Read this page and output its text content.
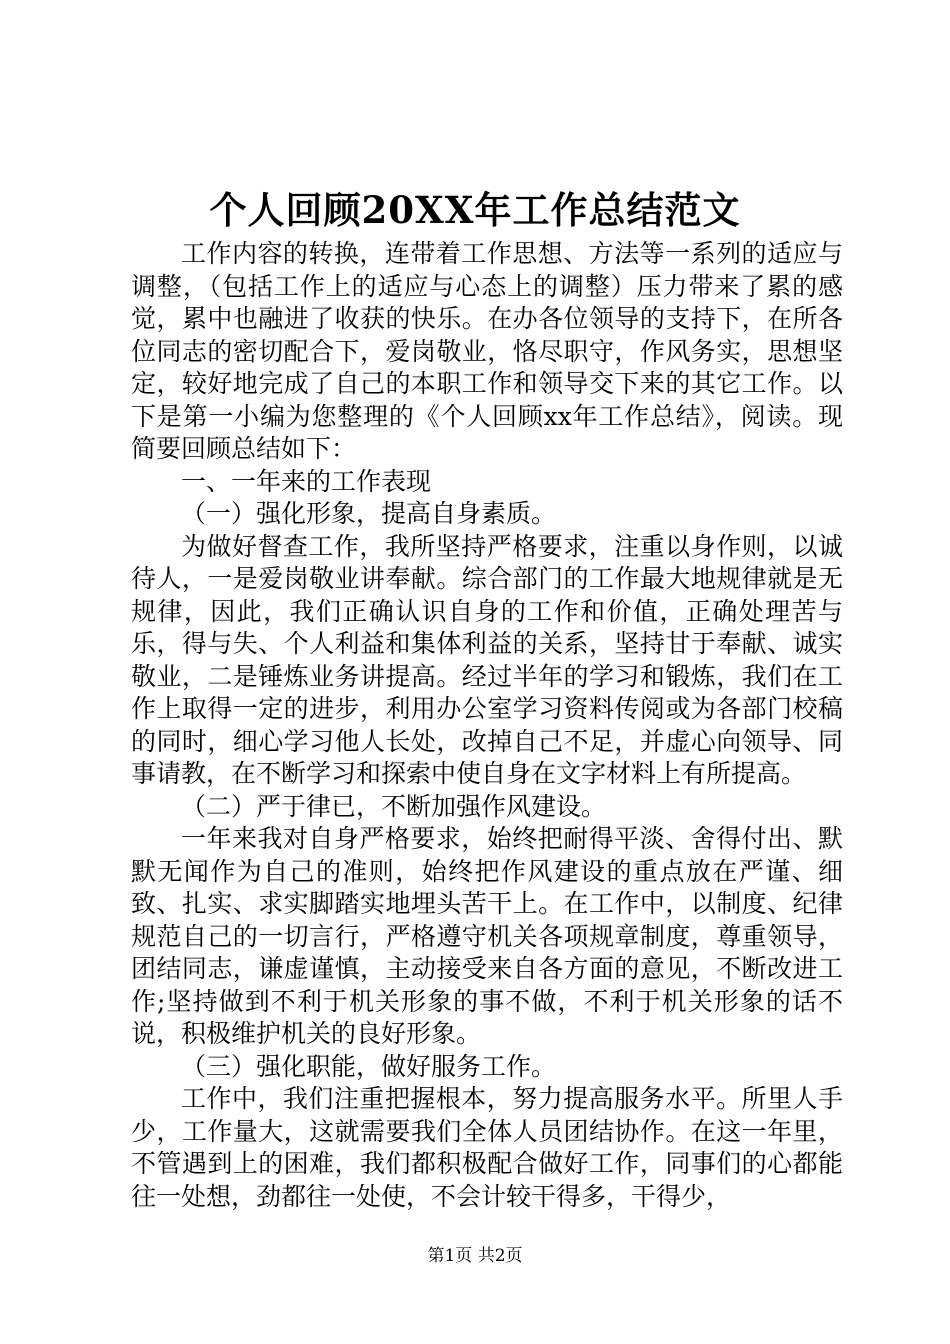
个人回顾20XX年工作总结范文

工作内容的转换，连带着工作思想、方法等一系列的适应与调整，（包括工作上的适应与心态上的调整）压力带来了累的感觉，累中也融进了收获的快乐。在办各位领导的支持下，在所各位同志的密切配合下，爱岗敬业，恪尽职守，作风务实，思想坚定，较好地完成了自己的本职工作和领导交下来的其它工作。以下是第一小编为您整理的《个人回顾xx年工作总结》，阅读。现简要回顾总结如下：

一、一年来的工作表现

（一）强化形象，提高自身素质。

为做好督查工作，我所坚持严格要求，注重以身作则，以诚待人，一是爱岗敬业讲奉献。综合部门的工作最大地规律就是无规律，因此，我们正确认识自身的工作和价值，正确处理苦与乐，得与失、个人利益和集体利益的关系，坚持甘于奉献、诚实敬业，二是锤炼业务讲提高。经过半年的学习和锻炼，我们在工作上取得一定的进步，利用办公室学习资料传阅或为各部门校稿的同时，细心学习他人长处，改掉自己不足，并虚心向领导、同事请教，在不断学习和探索中使自身在文字材料上有所提高。

（二）严于律已，不断加强作风建设。

一年来我对自身严格要求，始终把耐得平淡、舍得付出、默默无闻作为自己的准则，始终把作风建设的重点放在严谨、细致、扎实、求实脚踏实地埋头苦干上。在工作中，以制度、纪律规范自己的一切言行，严格遵守机关各项规章制度，尊重领导，团结同志，谦虚谨慎，主动接受来自各方面的意见，不断改进工作;坚持做到不利于机关形象的事不做，不利于机关形象的话不说，积极维护机关的良好形象。

（三）强化职能，做好服务工作。

工作中，我们注重把握根本，努力提高服务水平。所里人手少，工作量大，这就需要我们全体人员团结协作。在这一年里，不管遇到上的困难，我们都积极配合做好工作，同事们的心都能往一处想，劲都往一处使，不会计较干得多，干得少，

第1页 共2页
